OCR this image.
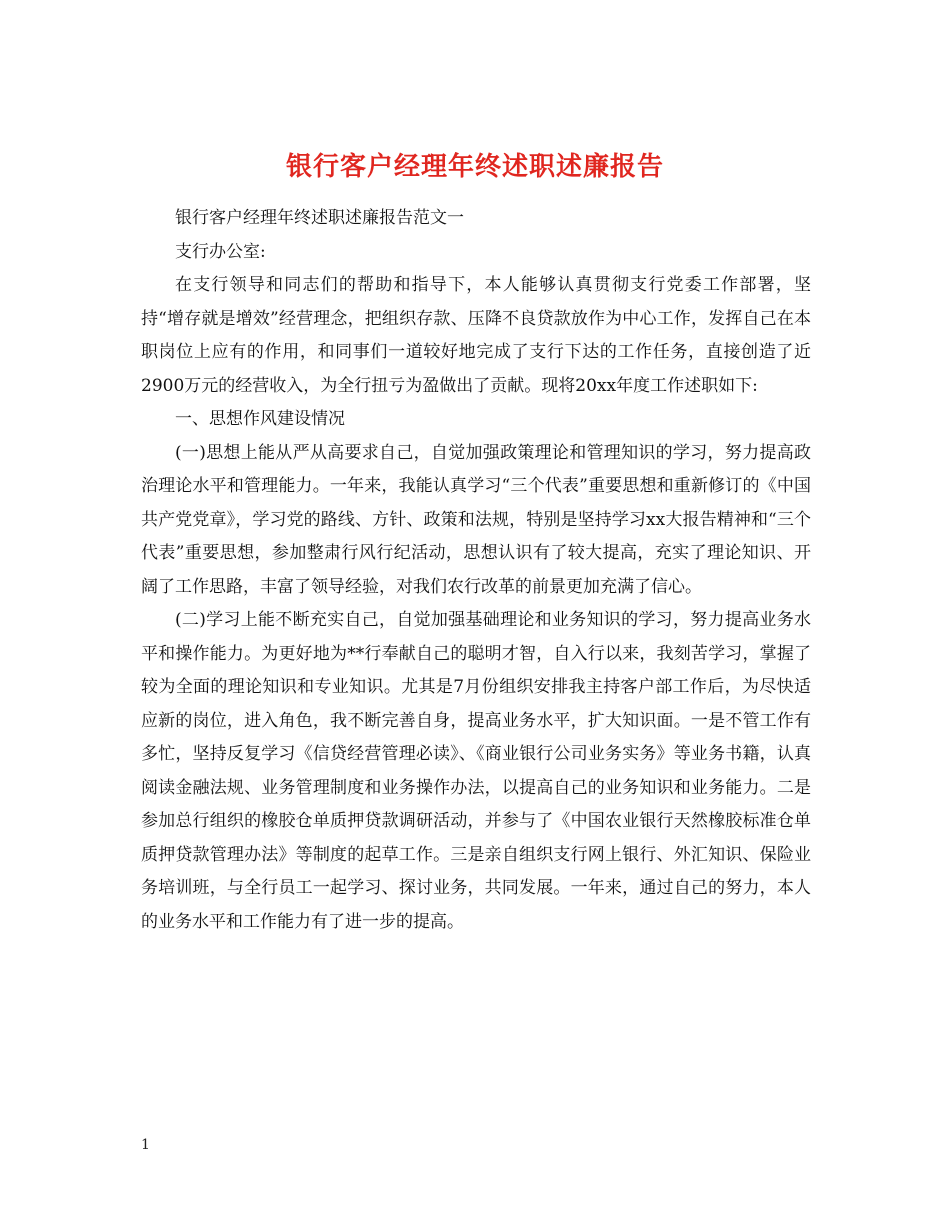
银行客户经理年终述职述廉报告

银行客户经理年终述职述廉报告范文一

支行办公室:

在支行领导和同志们的帮助和指导下，本人能够认真贯彻支行党委工作部署，坚持“增存就是增效”经营理念，把组织存款、压降不良贷款放作为中心工作，发挥自己在本职岗位上应有的作用，和同事们一道较好地完成了支行下达的工作任务，直接创造了近2900万元的经营收入，为全行扭亏为盈做出了贡献。现将20xx年度工作述职如下:

一、思想作风建设情况

(一)思想上能从严从高要求自己，自觉加强政策理论和管理知识的学习，努力提高政治理论水平和管理能力。一年来，我能认真学习“三个代表”重要思想和重新修订的《中国共产党党章》，学习党的路线、方针、政策和法规，特别是坚持学习xx大报告精神和“三个代表”重要思想，参加整肃行风行纪活动，思想认识有了较大提高，充实了理论知识、开阔了工作思路，丰富了领导经验，对我们农行改革的前景更加充满了信心。

(二)学习上能不断充实自己，自觉加强基础理论和业务知识的学习，努力提高业务水平和操作能力。为更好地为**行奉献自己的聪明才智，自入行以来，我刻苦学习，掌握了较为全面的理论知识和专业知识。尤其是7月份组织安排我主持客户部工作后，为尽快适应新的岗位，进入角色，我不断完善自身，提高业务水平，扩大知识面。一是不管工作有多忙，坚持反复学习《信贷经营管理必读》、《商业银行公司业务实务》等业务书籍，认真阅读金融法规、业务管理制度和业务操作办法，以提高自己的业务知识和业务能力。二是参加总行组织的橡胶仓单质押贷款调研活动，并参与了《中国农业银行天然橡胶标准仓单质押贷款管理办法》等制度的起草工作。三是亲自组织支行网上银行、外汇知识、保险业务培训班，与全行员工一起学习、探讨业务，共同发展。一年来，通过自己的努力，本人的业务水平和工作能力有了进一步的提高。

1
